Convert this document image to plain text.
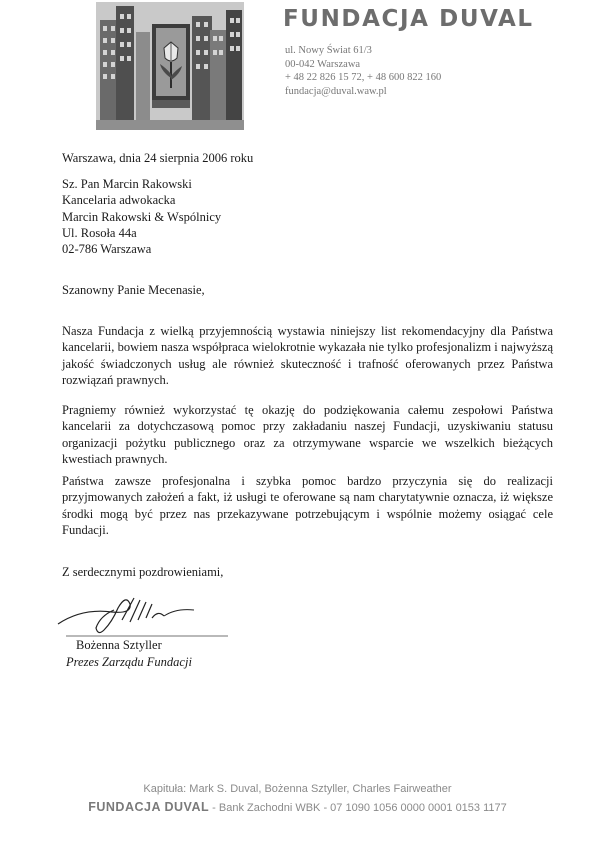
FUNDACJA DUVAL
ul. Nowy Świat 61/3
00-042 Warszawa
+ 48 22 826 15 72, + 48 600 822 160
fundacja@duval.waw.pl
Warszawa, dnia 24 sierpnia 2006 roku
Sz. Pan Marcin Rakowski
Kancelaria adwokacka
Marcin Rakowski & Wspólnicy
Ul. Rosoła 44a
02-786 Warszawa
Szanowny Panie Mecenasie,
Nasza Fundacja z wielką przyjemnością wystawia niniejszy list rekomendacyjny dla Państwa kancelarii, bowiem nasza współpraca wielokrotnie wykazała nie tylko profesjonalizm i najwyższą jakość świadczonych usług ale również skuteczność i trafność oferowanych przez Państwa rozwiązań prawnych.
Pragniemy również wykorzystać tę okazję do podziękowania całemu zespołowi Państwa kancelarii za dotychczasową pomoc przy zakładaniu naszej Fundacji, uzyskiwaniu statusu organizacji pożytku publicznego oraz za otrzymywane wsparcie we wszelkich bieżących kwestiach prawnych.
Państwa zawsze profesjonalna i szybka pomoc bardzo przyczynia się do realizacji przyjmowanych założeń a fakt, iż usługi te oferowane są nam charytatywnie oznacza, iż większe środki mogą być przez nas przekazywane potrzebującym i wspólnie możemy osiągać cele Fundacji.
Z serdecznymi pozdrowieniami,
Bożenna Sztyller
Prezes Zarządu Fundacji
Kapituła: Mark S. Duval, Bożenna Sztyller, Charles Fairweather
FUNDACJA DUVAL - Bank Zachodni WBK - 07 1090 1056 0000 0001 0153 1177
